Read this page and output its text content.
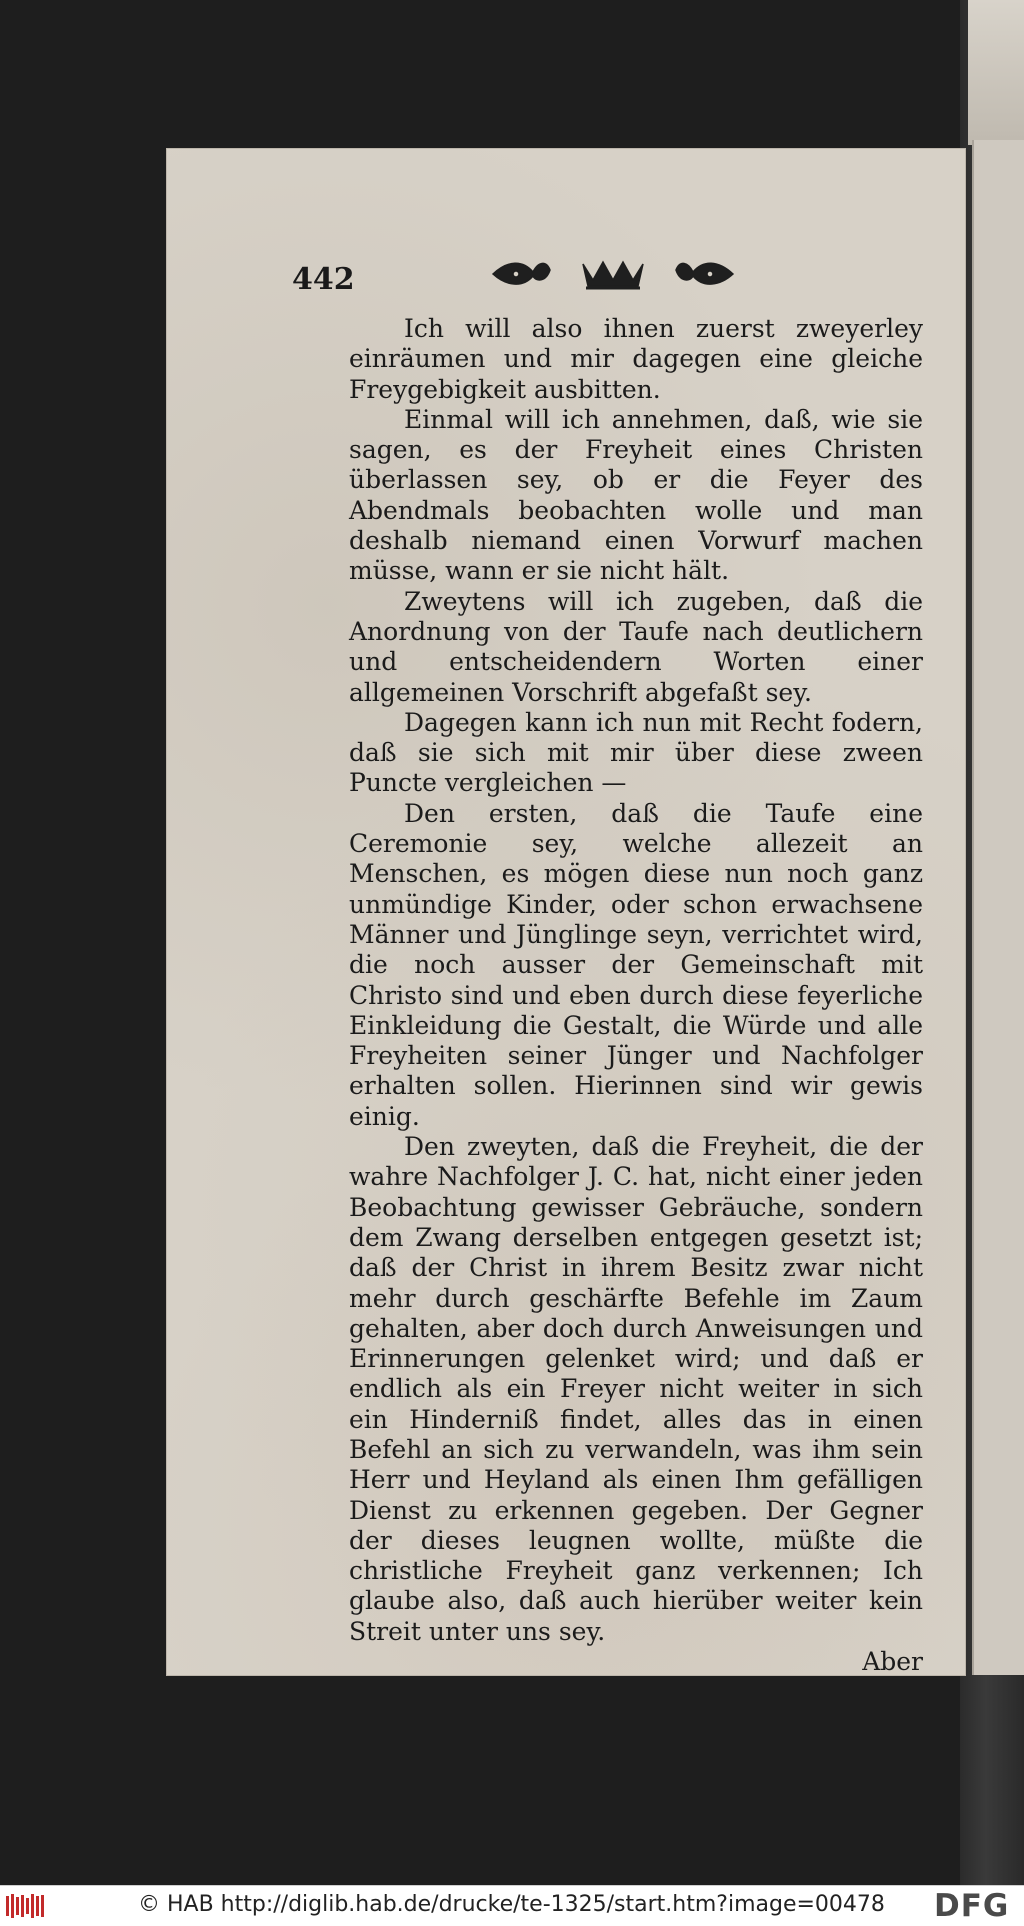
442

Ich will also ihnen zuerst zweyerley einräumen und mir dagegen eine gleiche Freygebigkeit ausbitten.

Einmal will ich annehmen, daß, wie sie sagen, es der Freyheit eines Christen überlassen sey, ob er die Feyer des Abendmals beobachten wolle und man deshalb niemand einen Vorwurf machen müsse, wann er sie nicht hält.

Zweytens will ich zugeben, daß die Anordnung von der Taufe nach deutlichern und entscheidendern Worten einer allgemeinen Vorschrift abgefaßt sey.

Dagegen kann ich nun mit Recht fodern, daß sie sich mit mir über diese zween Puncte vergleichen —

Den ersten, daß die Taufe eine Ceremonie sey, welche allezeit an Menschen, es mögen diese nun noch ganz unmündige Kinder, oder schon erwachsene Männer und Jünglinge seyn, verrichtet wird, die noch ausser der Gemeinschaft mit Christo sind und eben durch diese feyerliche Einkleidung die Gestalt, die Würde und alle Freyheiten seiner Jünger und Nachfolger erhalten sollen. Hierinnen sind wir gewis einig.

Den zweyten, daß die Freyheit, die der wahre Nachfolger J. C. hat, nicht einer jeden Beobachtung gewisser Gebräuche, sondern dem Zwang derselben entgegen gesetzt ist; daß der Christ in ihrem Besitz zwar nicht mehr durch geschärfte Befehle im Zaum gehalten, aber doch durch Anweisungen und Erinnerungen gelenket wird; und daß er endlich als ein Freyer nicht weiter in sich ein Hinderniß findet, alles das in einen Befehl an sich zu verwandeln, was ihm sein Herr und Heyland als einen Ihm gefälligen Dienst zu erkennen gegeben. Der Gegner der dieses leugnen wollte, müßte die christliche Freyheit ganz verkennen; Ich glaube also, daß auch hierüber weiter kein Streit unter uns sey.

Aber

© HAB http://diglib.hab.de/drucke/te-1325/start.htm?image=00478 DFG
